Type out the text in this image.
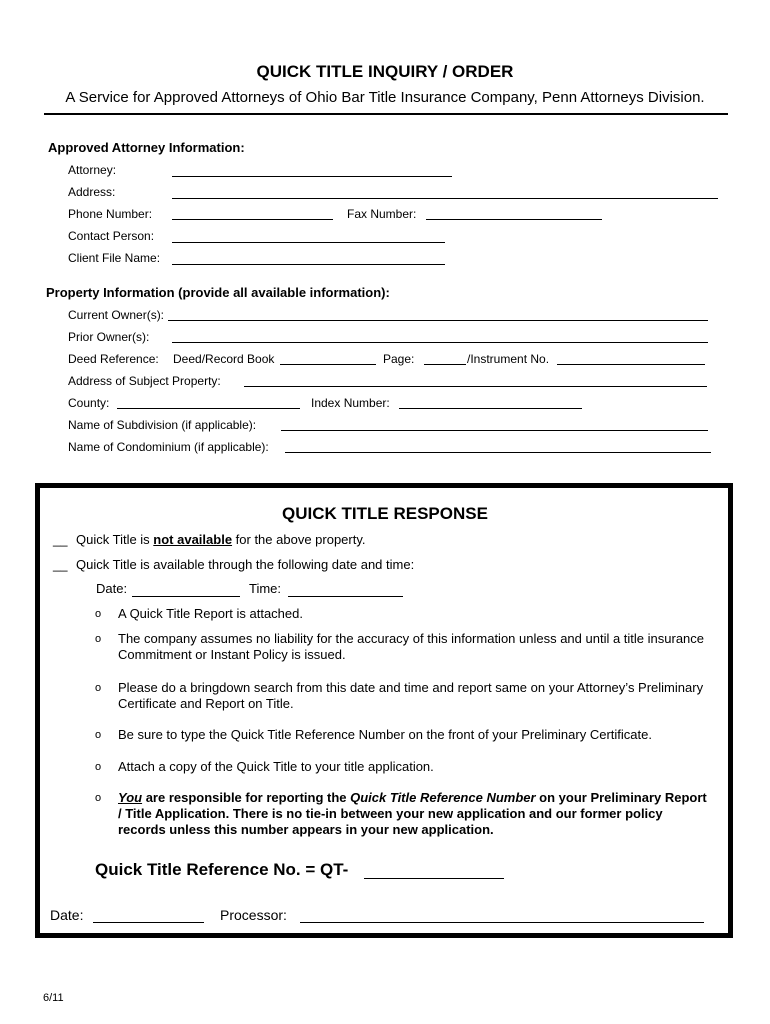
QUICK TITLE INQUIRY / ORDER
A Service for Approved Attorneys of Ohio Bar Title Insurance Company, Penn Attorneys Division.
Approved Attorney Information:
Attorney:
Address:
Phone Number:	Fax Number:
Contact Person:
Client File Name:
Property Information (provide all available information):
Current Owner(s):
Prior Owner(s):
Deed Reference: Deed/Record Book	Page:	/Instrument No.
Address of Subject Property:
County:	Index Number:
Name of Subdivision (if applicable):
Name of Condominium (if applicable):
QUICK TITLE RESPONSE
__ Quick Title is not available for the above property.
__ Quick Title is available through the following date and time:
Date:	Time:
o A Quick Title Report is attached.
o The company assumes no liability for the accuracy of this information unless and until a title insurance Commitment or Instant Policy is issued.
o Please do a bringdown search from this date and time and report same on your Attorney’s Preliminary Certificate and Report on Title.
o Be sure to type the Quick Title Reference Number on the front of your Preliminary Certificate.
o Attach a copy of the Quick Title to your title application.
o You are responsible for reporting the Quick Title Reference Number on your Preliminary Report / Title Application. There is no tie-in between your new application and our former policy records unless this number appears in your new application.
Quick Title Reference No. = QT-
Date:	Processor:
6/11
